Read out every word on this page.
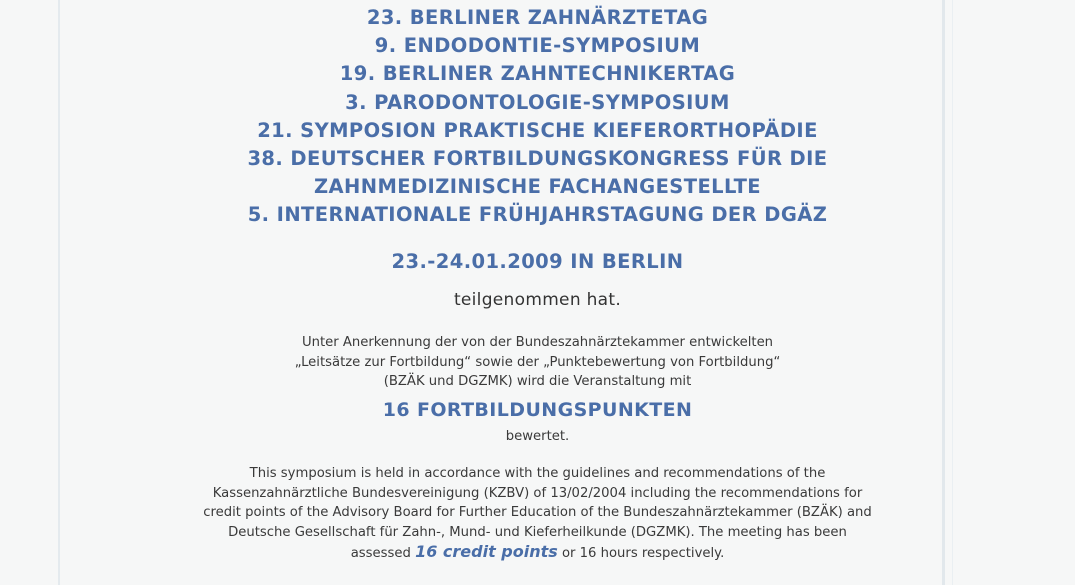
23. BERLINER ZAHNÄRZTETAG
9. ENDODONTIE-SYMPOSIUM
19. BERLINER ZAHNTECHNIKERTAG
3. PARODONTOLOGIE-SYMPOSIUM
21. SYMPOSION PRAKTISCHE KIEFERORTHOPÄDIE
38. DEUTSCHER FORTBILDUNGSKONGRESS FÜR DIE
ZAHNMEDIZINISCHE FACHANGESTELLTE
5. INTERNATIONALE FRÜHJAHRSTAGUNG DER DGÄZ
23.-24.01.2009 IN BERLIN
teilgenommen hat.
Unter Anerkennung der von der Bundeszahnärztekammer entwickelten
„Leitsätze zur Fortbildung“ sowie der „Punktebewertung von Fortbildung“
(BZÄK und DGZMK) wird die Veranstaltung mit
16 FORTBILDUNGSPUNKTEN
bewertet.
This symposium is held in accordance with the guidelines and recommendations of the
Kassenzahnärztliche Bundesvereinigung (KZBV) of 13/02/2004 including the recommendations for
credit points of the Advisory Board for Further Education of the Bundeszahnärztekammer (BZÄK) and
Deutsche Gesellschaft für Zahn-, Mund- und Kieferheilkunde (DGZMK). The meeting has been
assessed 16 credit points or 16 hours respectively.
